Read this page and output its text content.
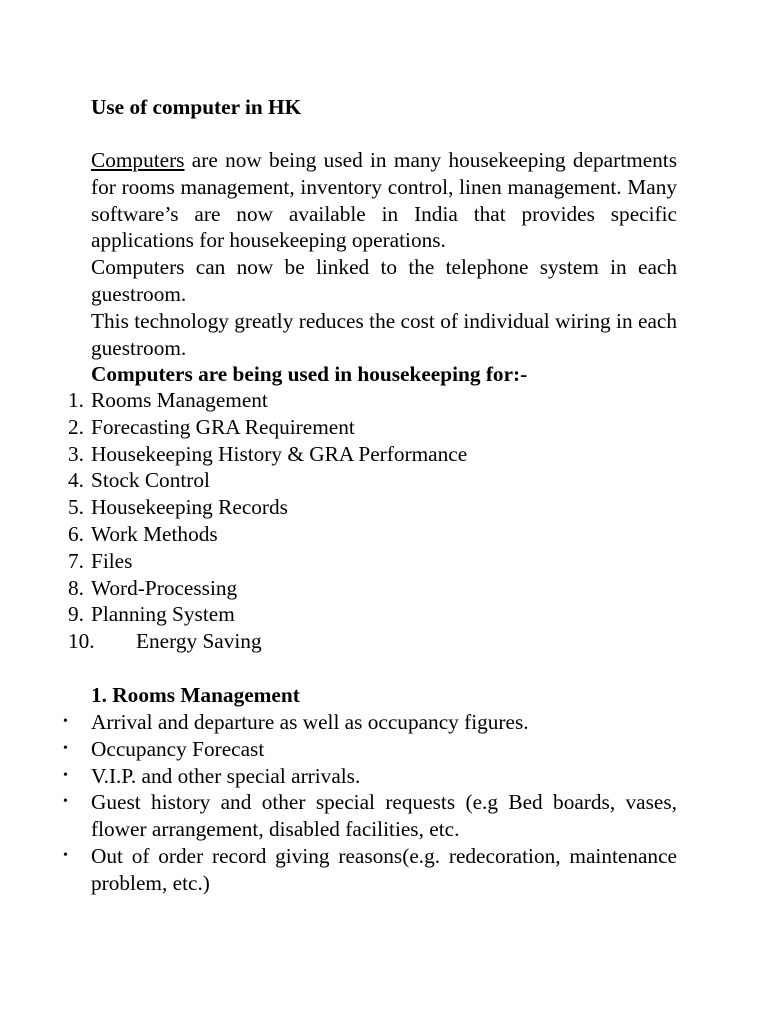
Use of computer in HK

Computers are now being used in many housekeeping departments for rooms management, inventory control, linen management. Many software’s are now available in India that provides specific applications for housekeeping operations.

Computers can now be linked to the telephone system in each guestroom.

This technology greatly reduces the cost of individual wiring in each guestroom.

Computers are being used in housekeeping for:-

1. Rooms Management
2. Forecasting GRA Requirement
3. Housekeeping History & GRA Performance
4. Stock Control
5. Housekeeping Records
6. Work Methods
7. Files
8. Word-Processing
9. Planning System
10. Energy Saving
1. Rooms Management
• Arrival and departure as well as occupancy figures.
• Occupancy Forecast
• V.I.P. and other special arrivals.
• Guest history and other special requests (e.g Bed boards, vases, flower arrangement, disabled facilities, etc.
• Out of order record giving reasons(e.g. redecoration, maintenance problem, etc.)
